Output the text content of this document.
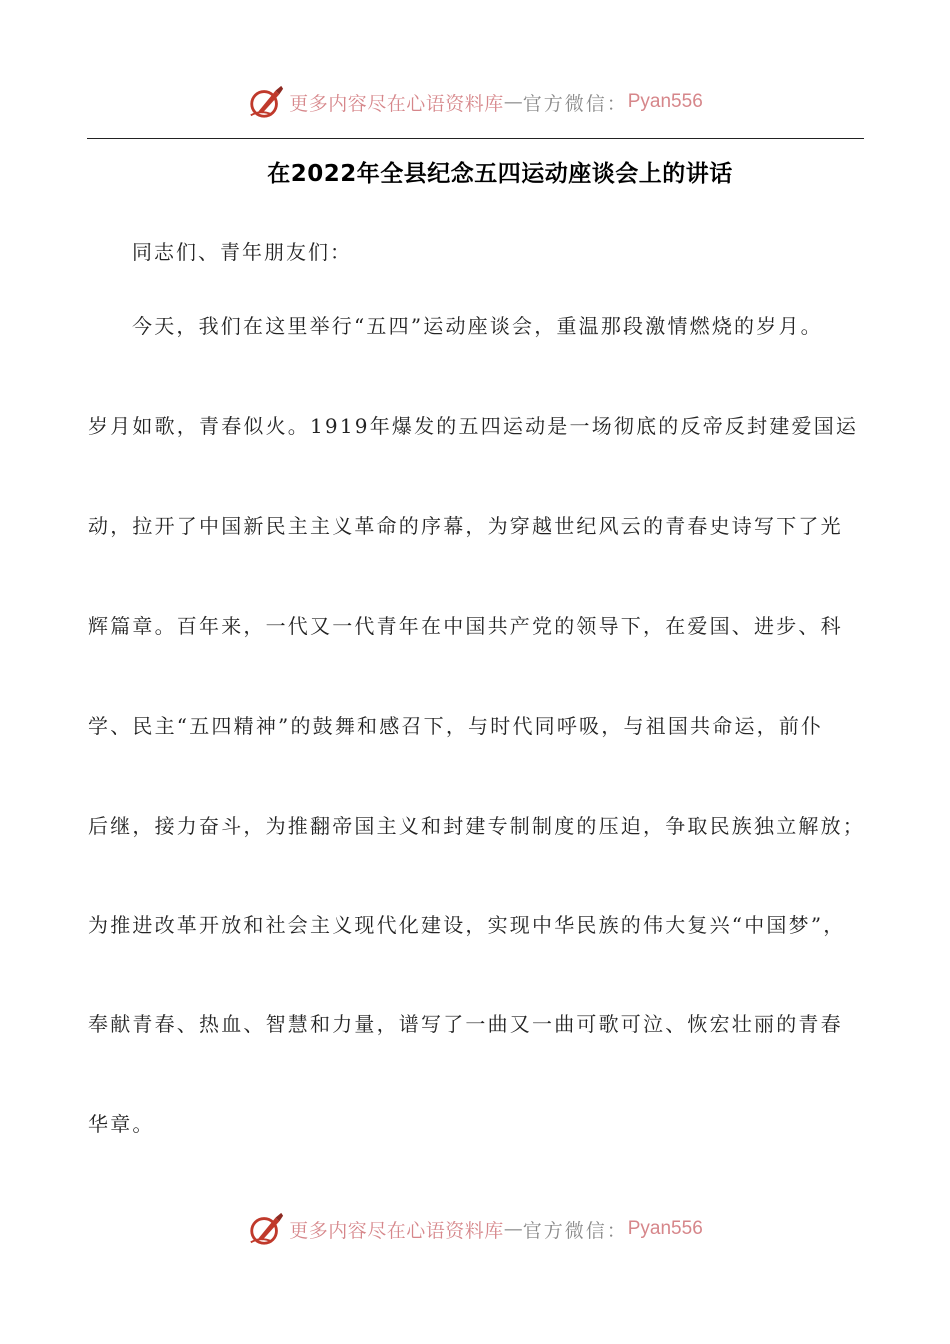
更多内容尽在心语资料库 — 官方微信： Pyan556
在2022年全县纪念五四运动座谈会上的讲话
同志们、青年朋友们：
今天，我们在这里举行“五四”运动座谈会，重温那段激情燃烧的岁月。
岁月如歌，青春似火。1919年爆发的五四运动是一场彻底的反帝反封建爱国运
动，拉开了中国新民主主义革命的序幕，为穿越世纪风云的青春史诗写下了光
辉篇章。百年来，一代又一代青年在中国共产党的领导下，在爱国、进步、科
学、民主“五四精神”的鼓舞和感召下，与时代同呼吸，与祖国共命运，前仆
后继，接力奋斗，为推翻帝国主义和封建专制制度的压迫，争取民族独立解放；
为推进改革开放和社会主义现代化建设，实现中华民族的伟大复兴“中国梦”，
奉献青春、热血、智慧和力量，谱写了一曲又一曲可歌可泣、恢宏壮丽的青春
华章。
更多内容尽在心语资料库 — 官方微信： Pyan556
